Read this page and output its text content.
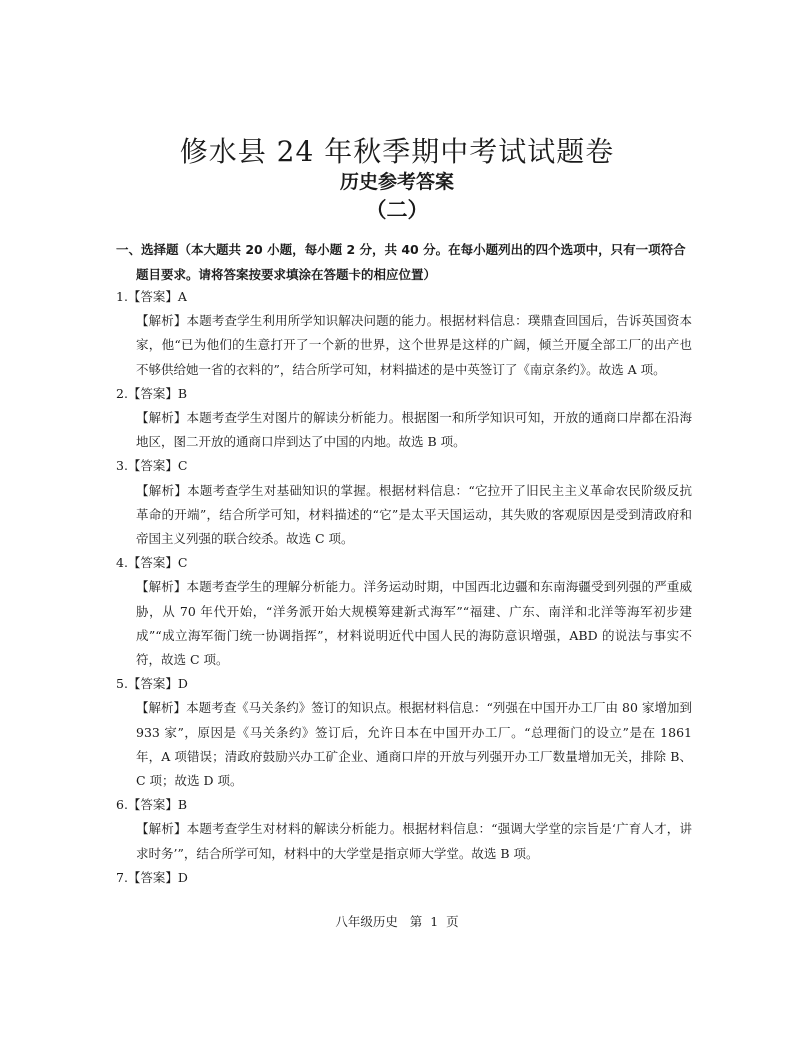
修水县 24 年秋季期中考试试题卷
历史参考答案
（二）
一、选择题（本大题共 20 小题，每小题 2 分，共 40 分。在每小题列出的四个选项中，只有一项符合
题目要求。请将答案按要求填涂在答题卡的相应位置）
1.【答案】A
【解析】本题考查学生利用所学知识解决问题的能力。根据材料信息：璞鼎查回国后，告诉英国资本家，他“已为他们的生意打开了一个新的世界，这个世界是这样的广阔，倾兰开厦全部工厂的出产也不够供给她一省的衣料的”，结合所学可知，材料描述的是中英签订了《南京条约》。故选 A 项。
2.【答案】B
【解析】本题考查学生对图片的解读分析能力。根据图一和所学知识可知，开放的通商口岸都在沿海地区，图二开放的通商口岸到达了中国的内地。故选 B 项。
3.【答案】C
【解析】本题考查学生对基础知识的掌握。根据材料信息：“它拉开了旧民主主义革命农民阶级反抗革命的开端”，结合所学可知，材料描述的“它”是太平天国运动，其失败的客观原因是受到清政府和帝国主义列强的联合绞杀。故选 C 项。
4.【答案】C
【解析】本题考查学生的理解分析能力。洋务运动时期，中国西北边疆和东南海疆受到列强的严重威胁，从 70 年代开始，“洋务派开始大规模筹建新式海军”“福建、广东、南洋和北洋等海军初步建成”“成立海军衙门统一协调指挥”，材料说明近代中国人民的海防意识增强，ABD 的说法与事实不符，故选 C 项。
5.【答案】D
【解析】本题考查《马关条约》签订的知识点。根据材料信息：“列强在中国开办工厂由 80 家增加到 933 家”，原因是《马关条约》签订后，允许日本在中国开办工厂。“总理衙门的设立”是在 1861 年，A 项错误；清政府鼓励兴办工矿企业、通商口岸的开放与列强开办工厂数量增加无关，排除 B、C 项；故选 D 项。
6.【答案】B
【解析】本题考查学生对材料的解读分析能力。根据材料信息：“强调大学堂的宗旨是‘广育人才，讲求时务’”，结合所学可知，材料中的大学堂是指京师大学堂。故选 B 项。
7.【答案】D
八年级历史   第  1  页
